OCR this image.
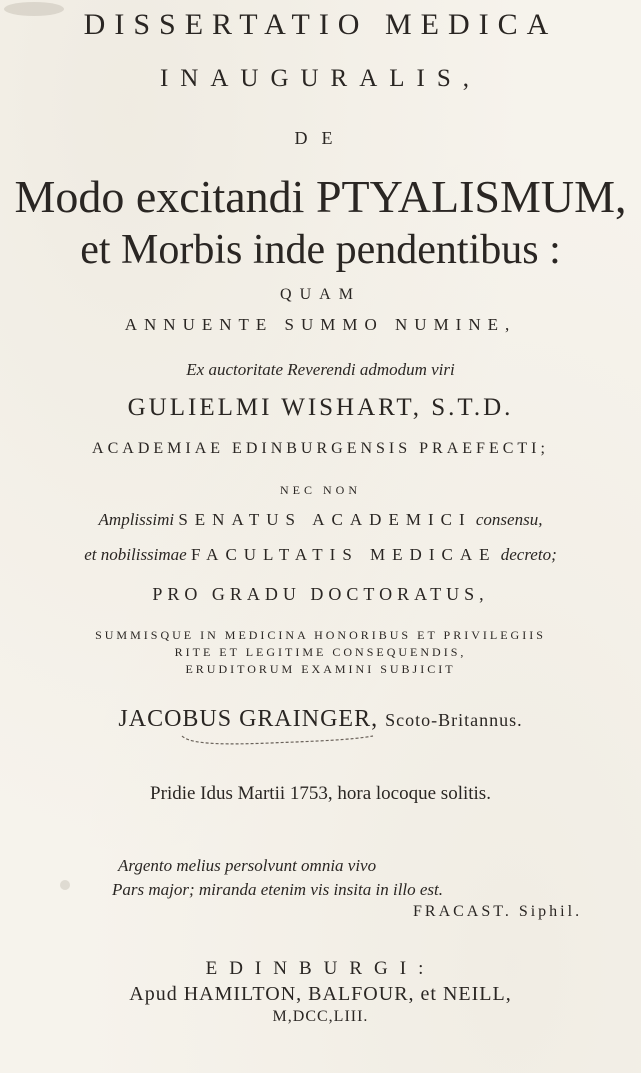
DISSERTATIO MEDICA
INAUGURALIS,
DE
Modo excitandi PTYALISMUM,
et Morbis inde pendentibus :
QUAM
ANNUENTE SUMMO NUMINE,
Ex auctoritate Reverendi admodum viri
GULIELMI WISHART, S.T.D.
ACADEMIAE EDINBURGENSIS PRAEFECTI;
NEC NON
Amplissimi SENATUS ACADEMICI consensu,
et nobilissimae FACULTATIS MEDICAE decreto;
PRO GRADU DOCTORATUS,
SUMMISQUE IN MEDICINA HONORIBUS ET PRIVILEGIIS
RITE ET LEGITIME CONSEQUENDIS,
ERUDITORUM EXAMINI SUBJICIT
JACOBUS GRAINGER, Scoto-Britannus.
Pridie Idus Martii 1753, hora locoque solitis.
Argento melius persolvunt omnia vivo
Pars major; miranda etenim vis insita in illo est.
FRACAST. Siphil.
EDINBURGI:
Apud HAMILTON, BALFOUR, et NEILL,
M,DCC,LIII.
